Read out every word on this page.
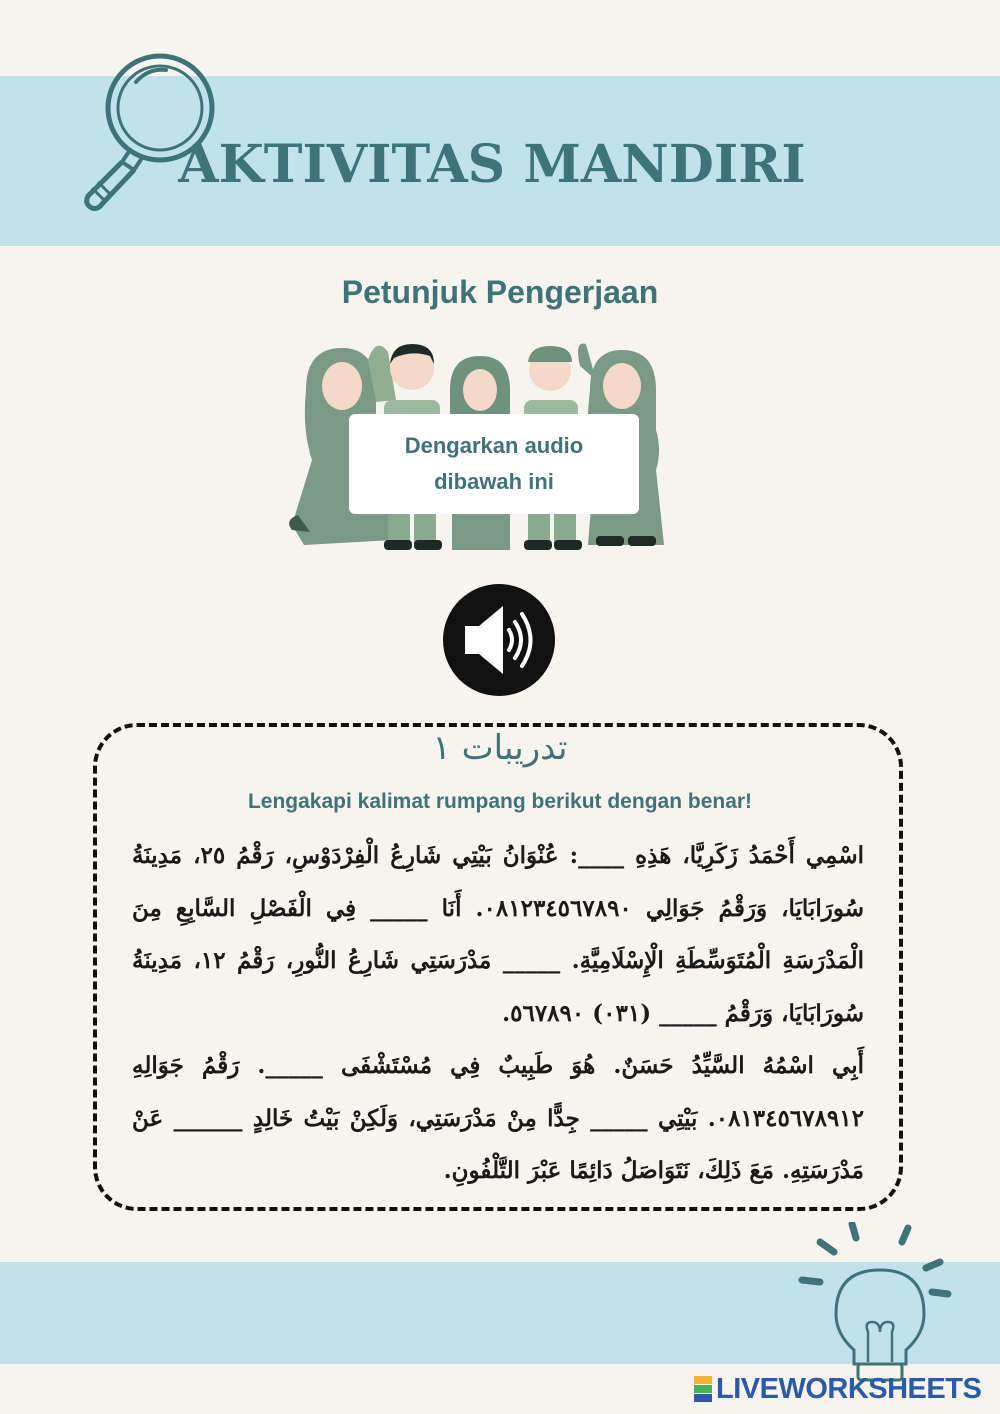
AKTIVITAS MANDIRI
Petunjuk Pengerjaan
Dengarkan audio
dibawah ini
تدريبات ١
Lengakapi kalimat rumpang berikut dengan benar!
اسْمِي أَحْمَدُ زَكَرِيَّا، هَذِهِ ____: عُنْوَانُ بَيْتِي شَارِعُ الْفِرْدَوْسِ، رَقْمُ ٢٥، مَدِينَةُ سُورَابَايَا، وَرَقْمُ جَوَالِي ٠٨١٢٣٤٥٦٧٨٩٠. أَنَا _____ فِي الْفَصْلِ السَّابِعِ مِنَ الْمَدْرَسَةِ الْمُتَوَسِّطَةِ الْإِسْلَامِيَّةِ. _____ مَدْرَسَتِي شَارِعُ النُّورِ، رَقْمُ ١٢، مَدِينَةُ سُورَابَايَا، وَرَقْمُ _____ (٠٣١) ٥٦٧٨٩٠.
أَبِي اسْمُهُ السَّيِّدُ حَسَنٌ. هُوَ طَبِيبٌ فِي مُسْتَشْفَى _____. رَقْمُ جَوَالِهِ ٠٨١٣٤٥٦٧٨٩١٢. بَيْتِي _____ جِدًّا مِنْ مَدْرَسَتِي، وَلَكِنْ بَيْتُ خَالِدٍ ______ عَنْ مَدْرَسَتِهِ. مَعَ ذَلِكَ، نَتَوَاصَلُ دَائِمًا عَبْرَ التَّلْفُونِ.
LIVEWORKSHEETS
